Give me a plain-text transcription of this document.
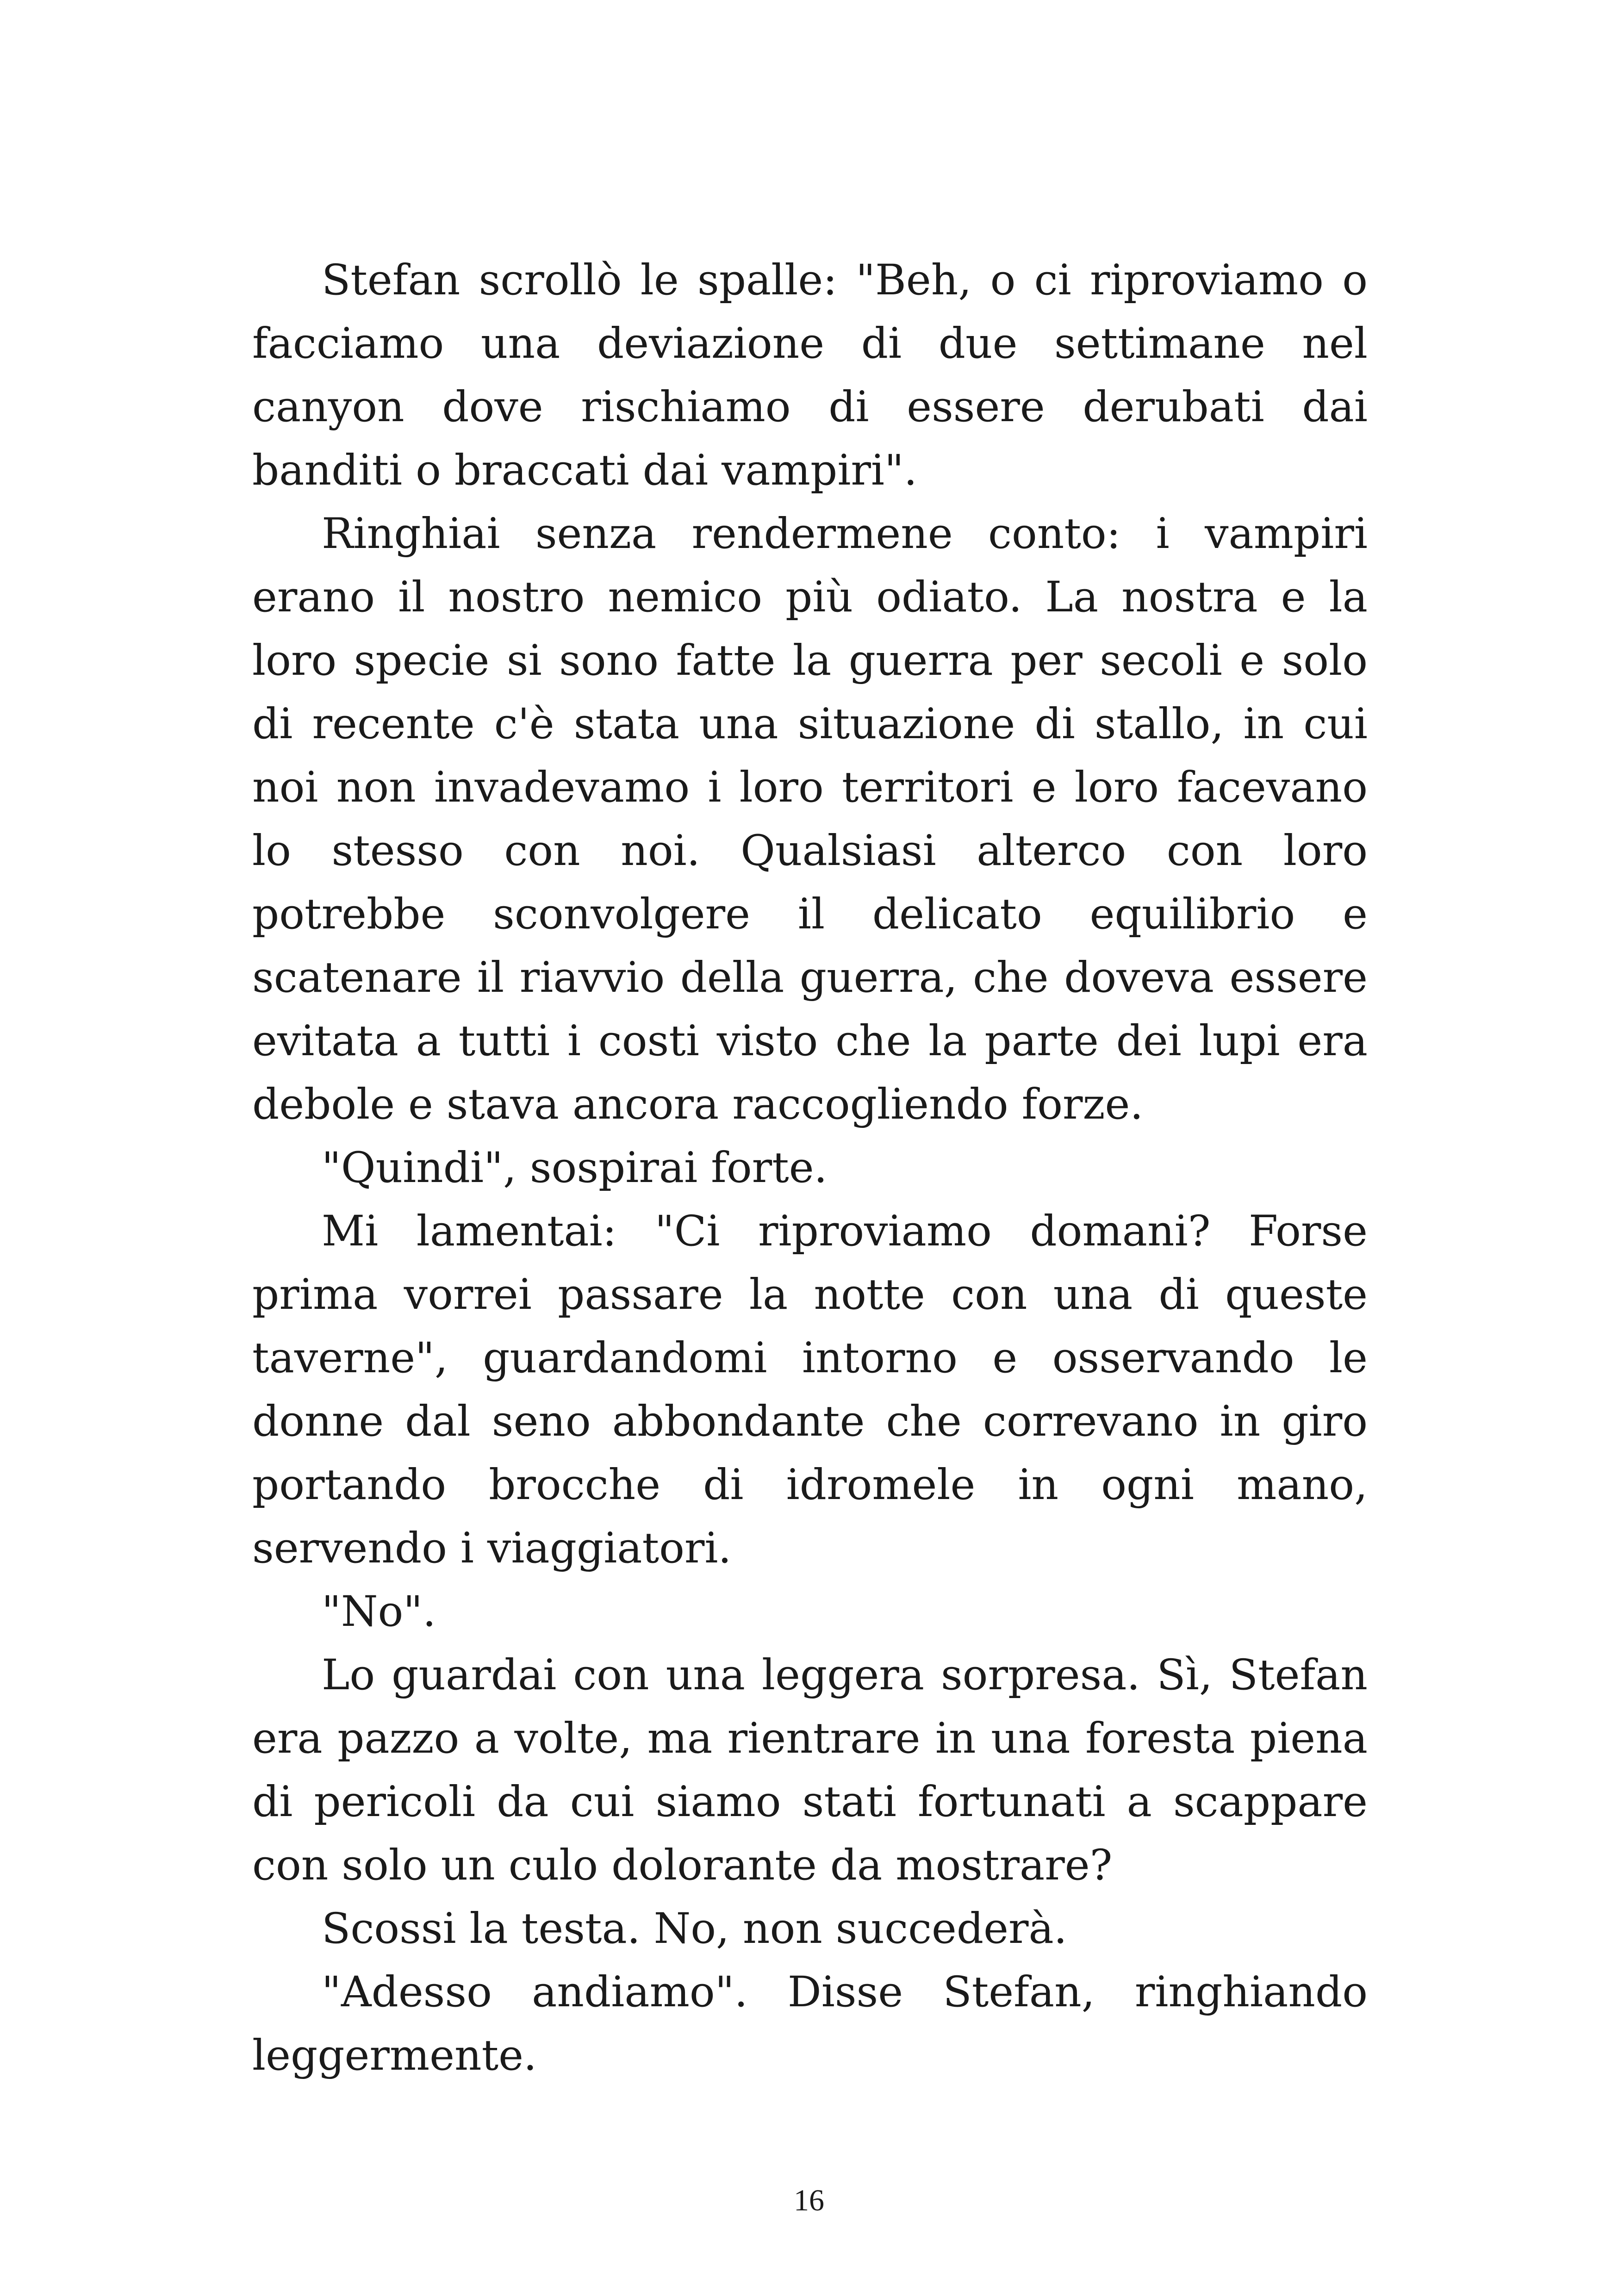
Stefan scrollò le spalle: "Beh, o ci riproviamo o facciamo una deviazione di due settimane nel canyon dove rischiamo di essere derubati dai banditi o braccati dai vampiri".

Ringhiai senza rendermene conto: i vampiri erano il nostro nemico più odiato. La nostra e la loro specie si sono fatte la guerra per secoli e solo di recente c'è stata una situazione di stallo, in cui noi non invadevamo i loro territori e loro facevano lo stesso con noi. Qualsiasi alterco con loro potrebbe sconvolgere il delicato equilibrio e scatenare il riavvio della guerra, che doveva essere evitata a tutti i costi visto che la parte dei lupi era debole e stava ancora raccogliendo forze.

"Quindi", sospirai forte.

Mi lamentai: "Ci riproviamo domani? Forse prima vorrei passare la notte con una di queste taverne", guardandomi intorno e osservando le donne dal seno abbondante che correvano in giro portando brocche di idromele in ogni mano, servendo i viaggiatori.

"No".

Lo guardai con una leggera sorpresa. Sì, Stefan era pazzo a volte, ma rientrare in una foresta piena di pericoli da cui siamo stati fortunati a scappare con solo un culo dolorante da mostrare?

Scossi la testa. No, non succederà.

"Adesso andiamo". Disse Stefan, ringhiando leggermente.

16
